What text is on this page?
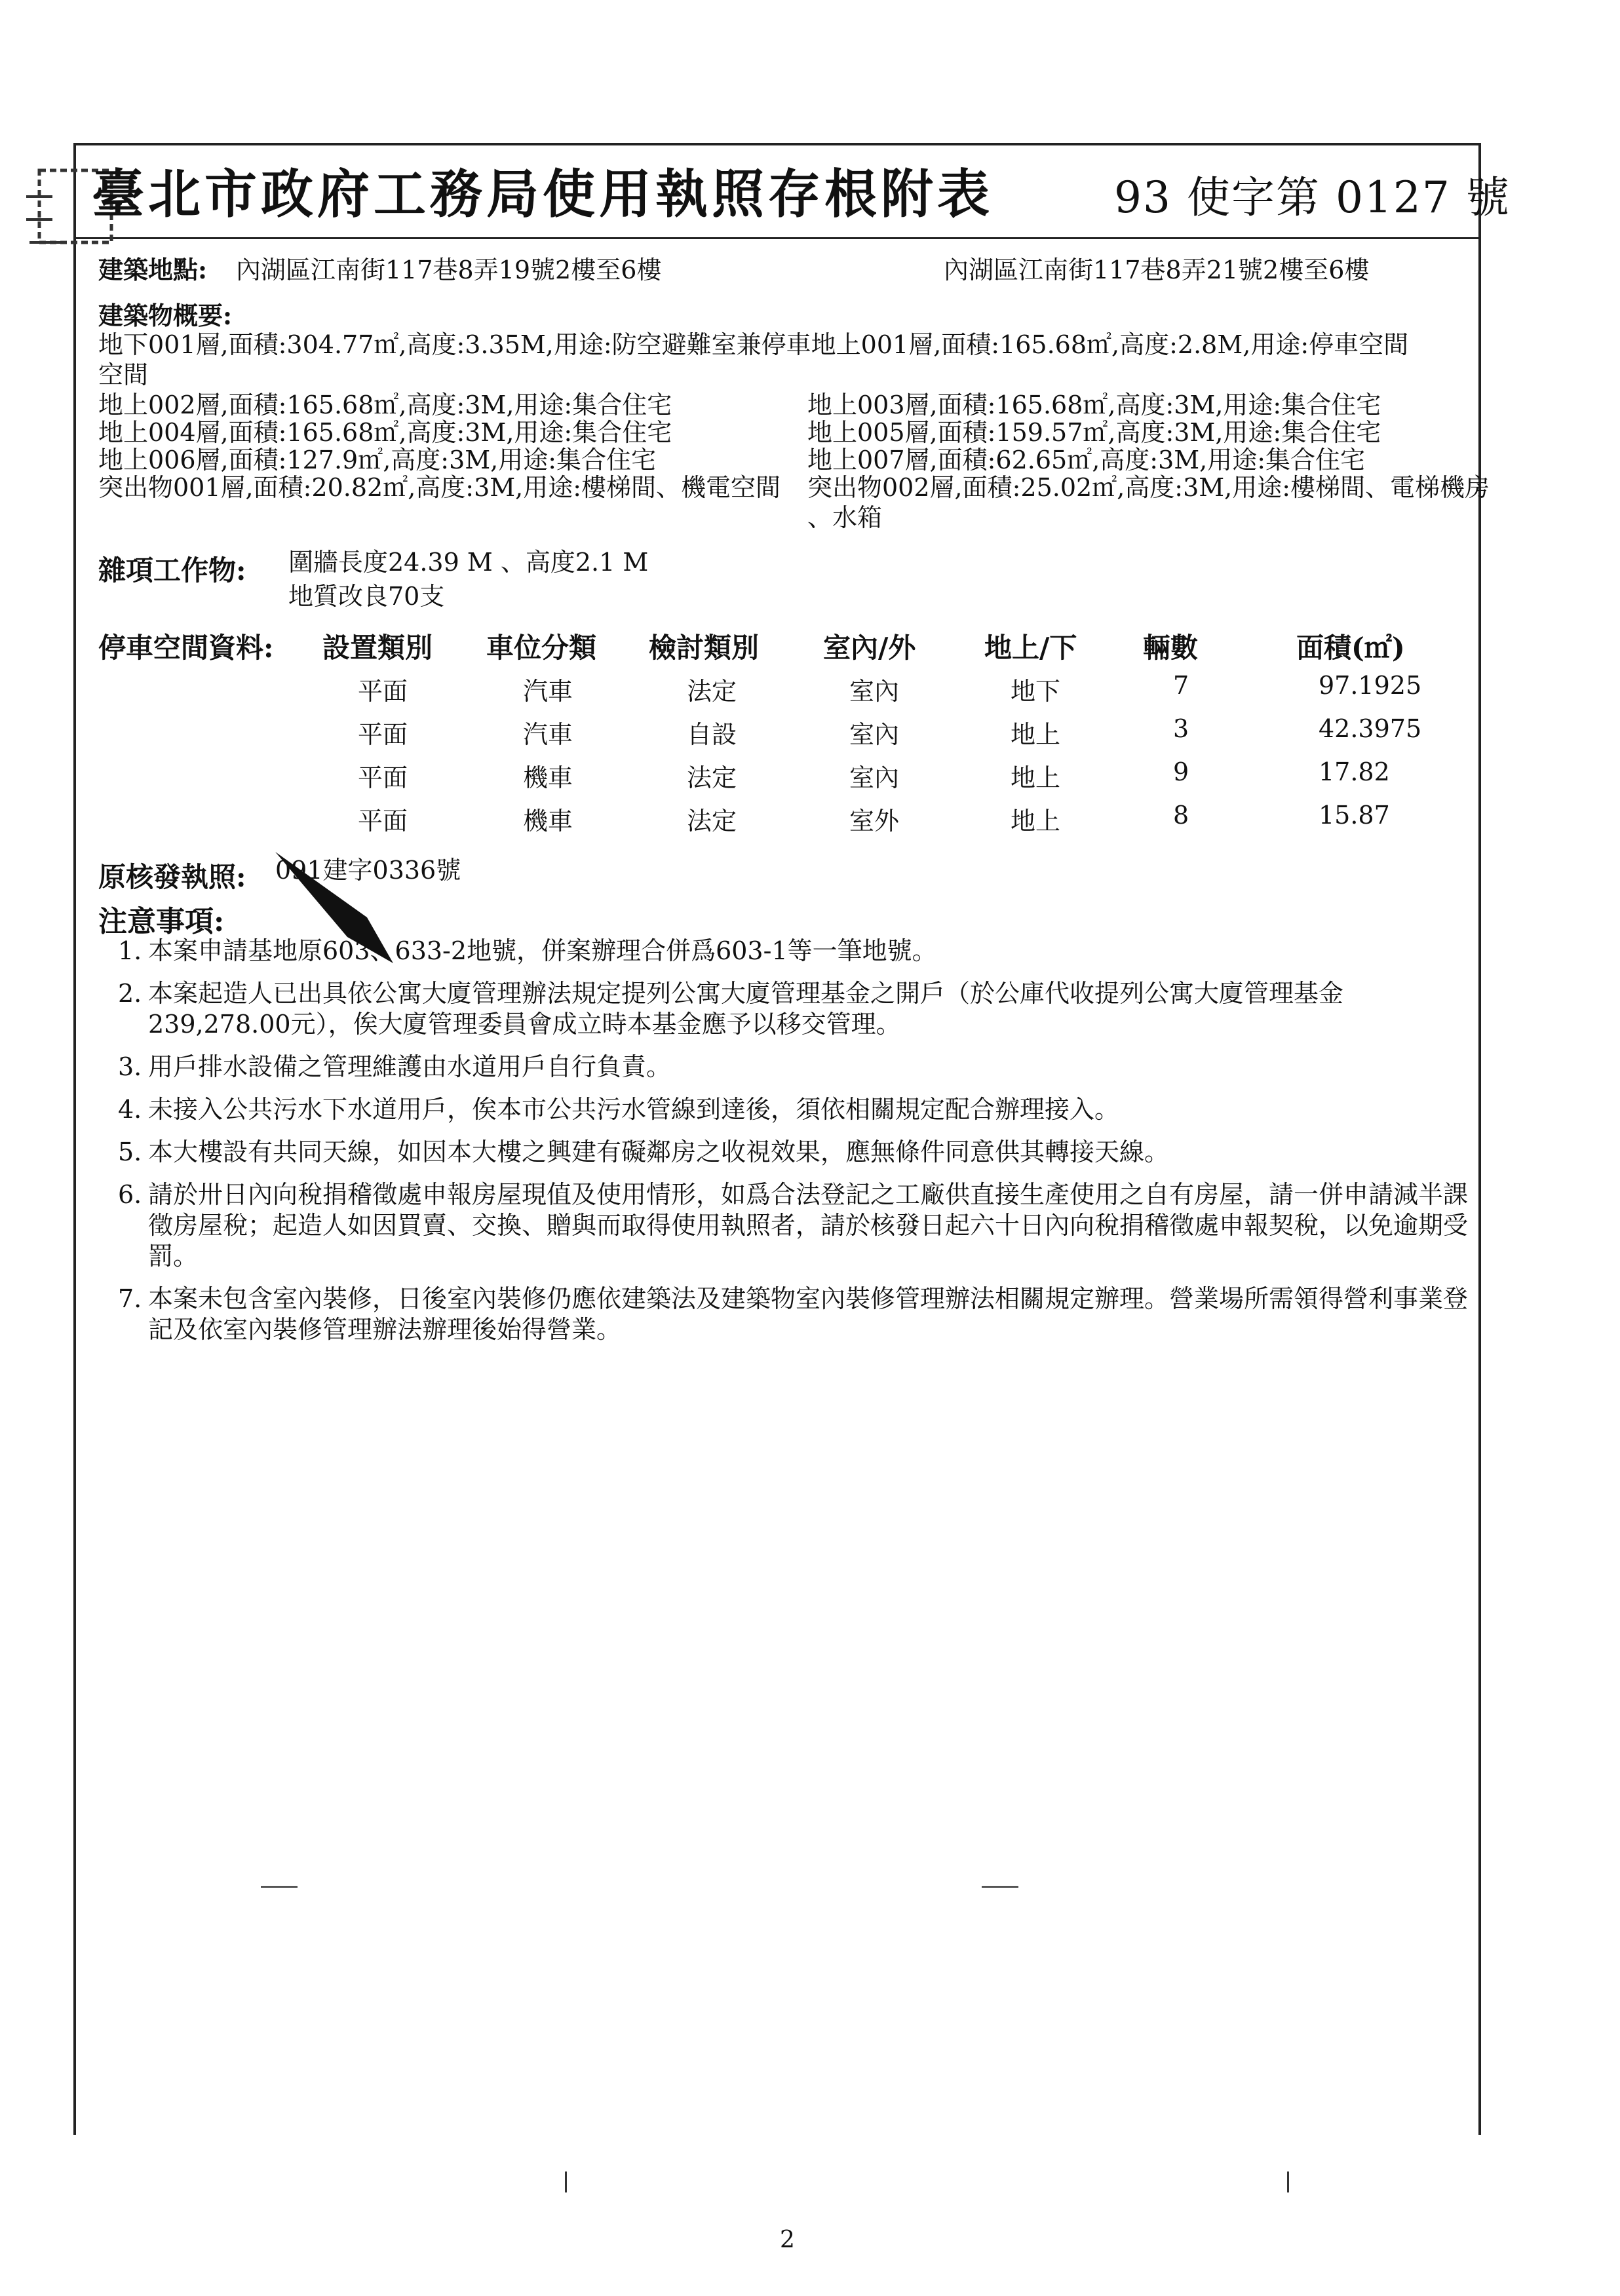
臺北市政府工務局使用執照存根附表	93 使字第 0127 號
建築地點: 內湖區江南街117巷8弄19號2樓至6樓	內湖區江南街117巷8弄21號2樓至6樓
建築物概要:
地下001層,面積:304.77㎡,高度:3.35M,用途:防空避難室兼停車地上001層,面積:165.68㎡,高度:2.8M,用途:停車空間
空間
地上002層,面積:165.68㎡,高度:3M,用途:集合住宅	地上003層,面積:165.68㎡,高度:3M,用途:集合住宅
地上004層,面積:165.68㎡,高度:3M,用途:集合住宅	地上005層,面積:159.57㎡,高度:3M,用途:集合住宅
地上006層,面積:127.9㎡,高度:3M,用途:集合住宅	地上007層,面積:62.65㎡,高度:3M,用途:集合住宅
突出物001層,面積:20.82㎡,高度:3M,用途:樓梯間、機電空間 突出物002層,面積:25.02㎡,高度:3M,用途:樓梯間、電梯機房
、水箱
雜項工作物: 圍牆長度24.39 M 、高度2.1 M
地質改良70支
停車空間資料: 設置類別 車位分類 檢討類別 室內/外 地上/下 輛數	面積(㎡)
平面	汽車	法定	室內	地下	7	97.1925
平面	汽車	自設	室內	地上	3	42.3975
平面	機車	法定	室內	地上	9	17.82
平面	機車	法定	室外	地上	8	15.87
原核發執照: 091建字0336號
注意事項:
1. 本案申請基地原603、633-2地號，併案辦理合併爲603-1等一筆地號。
2. 本案起造人已出具依公寓大廈管理辦法規定提列公寓大廈管理基金之開戶（於公庫代收提列公寓大廈管理基金239,278.00元），俟大廈管理委員會成立時本基金應予以移交管理。
3. 用戶排水設備之管理維護由水道用戶自行負責。
4. 未接入公共污水下水道用戶，俟本市公共污水管線到達後，須依相關規定配合辦理接入。
5. 本大樓設有共同天線，如因本大樓之興建有礙鄰房之收視效果，應無條件同意供其轉接天線。
6. 請於卅日內向稅捐稽徵處申報房屋現值及使用情形，如爲合法登記之工廠供直接生產使用之自有房屋，請一併申請減半課徵房屋稅；起造人如因買賣、交換、贈與而取得使用執照者，請於核發日起六十日內向稅捐稽徵處申報契稅，以免逾期受罰。
7. 本案未包含室內裝修，日後室內裝修仍應依建築法及建築物室內裝修管理辦法相關規定辦理。營業場所需領得營利事業登記及依室內裝修管理辦法辦理後始得營業。
2
